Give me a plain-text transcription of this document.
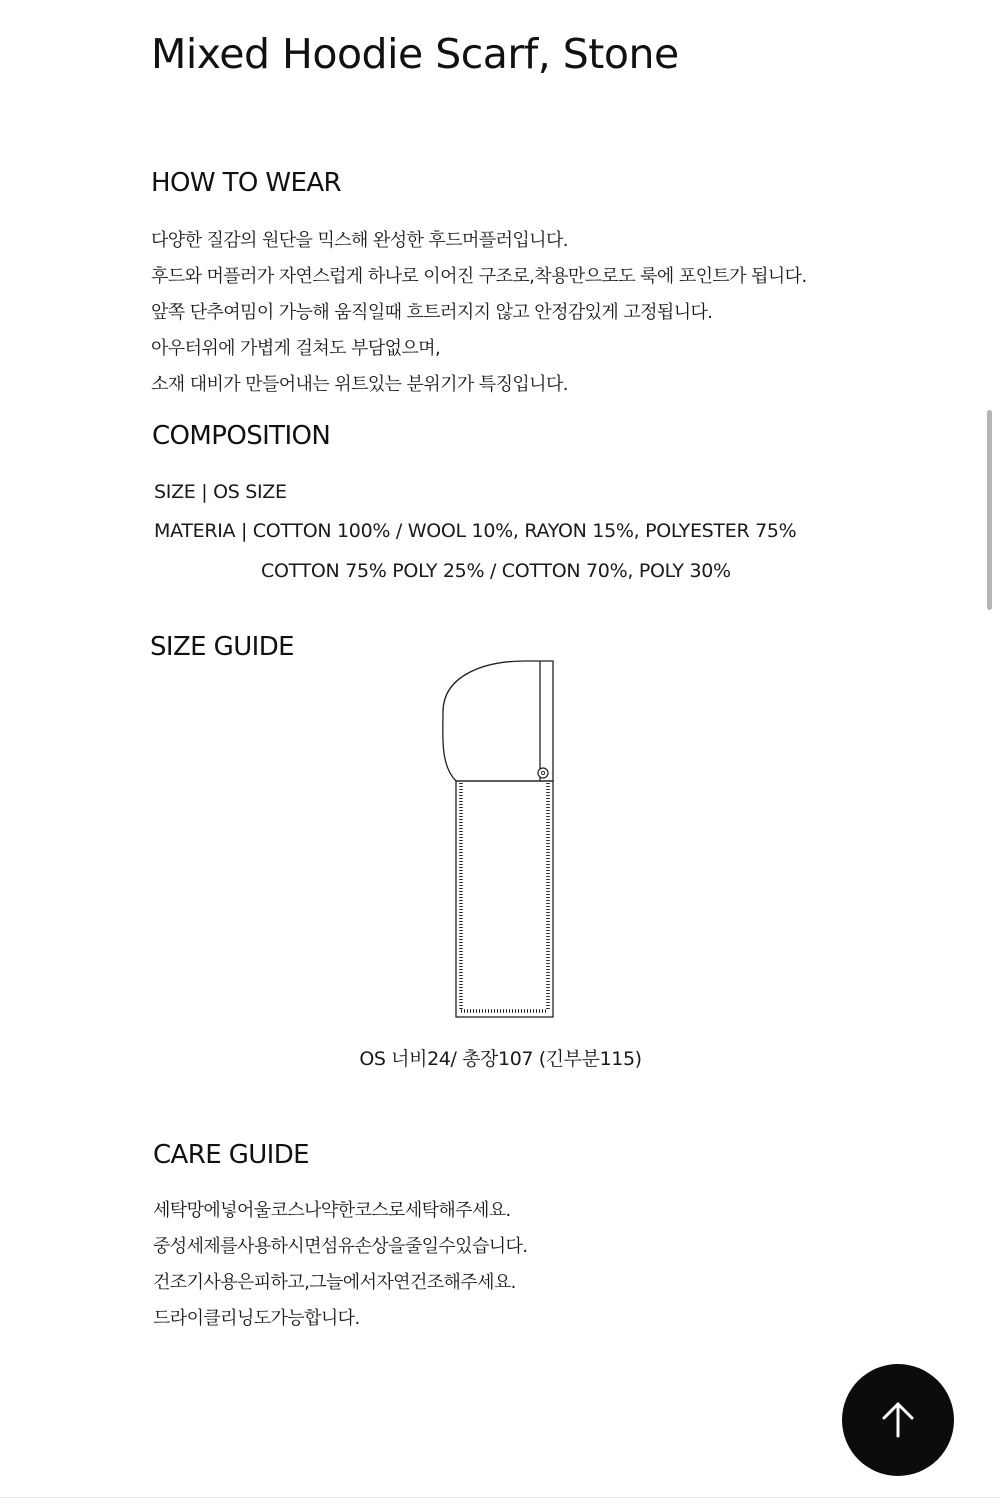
Mixed Hoodie Scarf, Stone
HOW TO WEAR

다양한 질감의 원단을 믹스해 완성한 후드머플러입니다.

후드와 머플러가 자연스럽게 하나로 이어진 구조로,착용만으로도 룩에 포인트가 됩니다.

앞쪽 단추여밈이 가능해 움직일때 흐트러지지 않고 안정감있게 고정됩니다.

아우터위에 가볍게 걸쳐도 부담없으며,

소재 대비가 만들어내는 위트있는 분위기가 특징입니다.

COMPOSITION

SIZE | OS SIZE

MATERIA | COTTON 100% / WOOL 10%, RAYON 15%, POLYESTER 75%

COTTON 75% POLY 25% / COTTON 70%, POLY 30%

SIZE GUIDE

OS 너비24/ 총장107 (긴부분115)

CARE GUIDE

세탁망에넣어울코스나약한코스로세탁해주세요.

중성세제를사용하시면섬유손상을줄일수있습니다.

건조기사용은피하고,그늘에서자연건조해주세요.

드라이클리닝도가능합니다.
